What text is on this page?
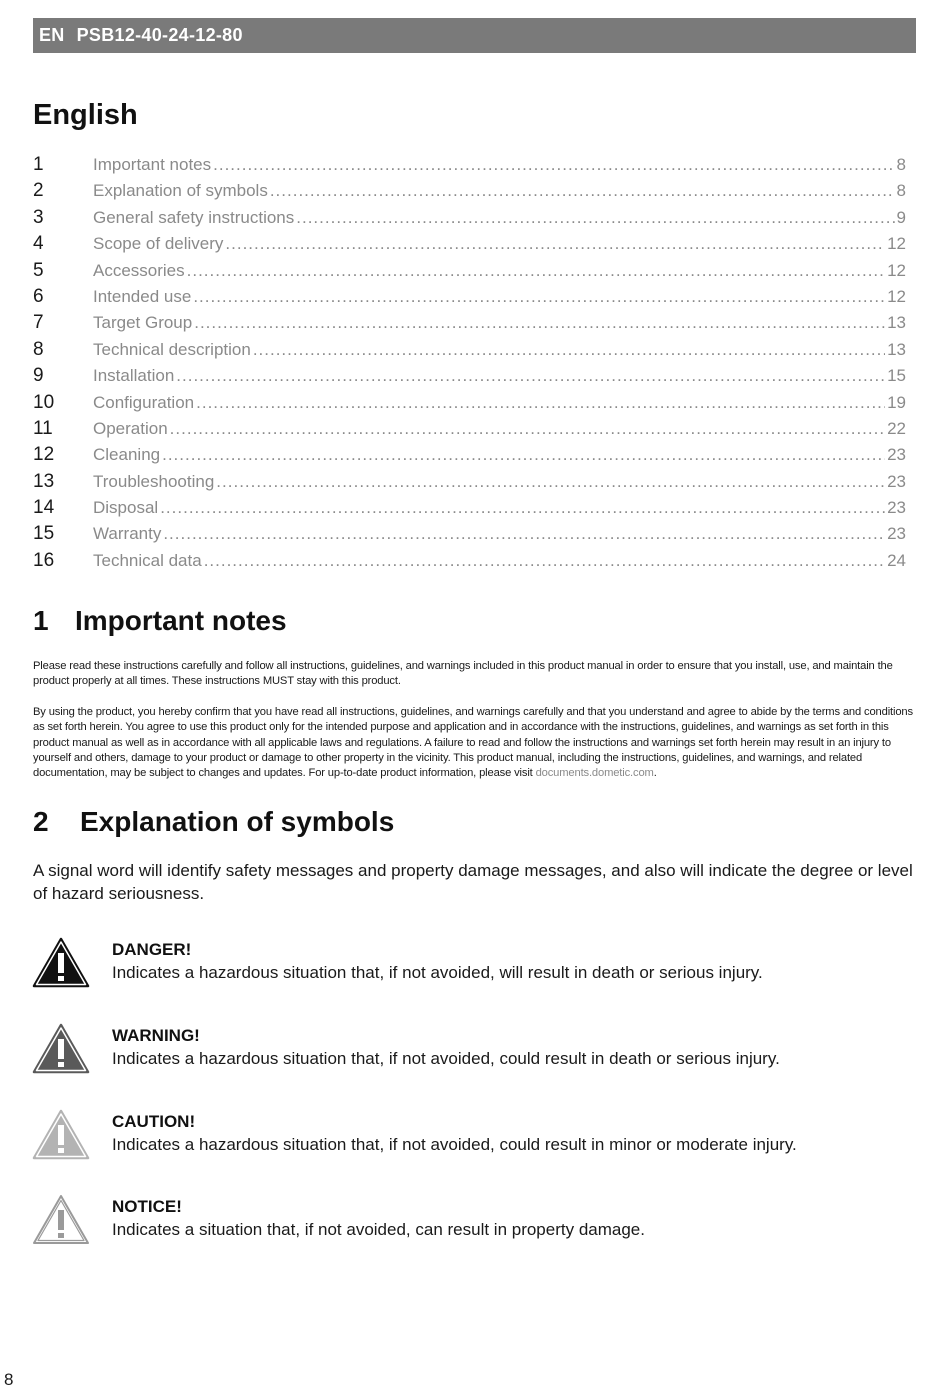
EN PSB12-40-24-12-80
English
1	Important notes .....	8
2	Explanation of symbols .....	8
3	General safety instructions .....	9
4	Scope of delivery .....	12
5	Accessories .....	12
6	Intended use .....	12
7	Target Group .....	13
8	Technical description .....	13
9	Installation .....	15
10	Configuration .....	19
11	Operation .....	22
12	Cleaning .....	23
13	Troubleshooting .....	23
14	Disposal .....	23
15	Warranty .....	23
16	Technical data .....	24
1 Important notes

Please read these instructions carefully and follow all instructions, guidelines, and warnings included in this product manual in order to ensure that you install, use, and maintain the product properly at all times. These instructions MUST stay with this product.

By using the product, you hereby confirm that you have read all instructions, guidelines, and warnings carefully and that you understand and agree to abide by the terms and conditions as set forth herein. You agree to use this product only for the intended purpose and application and in accordance with the instructions, guidelines, and warnings as set forth in this product manual as well as in accordance with all applicable laws and regulations. A failure to read and follow the instructions and warnings set forth herein may result in an injury to yourself and others, damage to your product or damage to other property in the vicinity. This product manual, including the instructions, guidelines, and warnings, and related documentation, may be subject to changes and updates. For up-to-date product information, please visit documents.dometic.com.

2	Explanation of symbols

A signal word will identify safety messages and property damage messages, and also will indicate the degree or level of hazard seriousness.

DANGER!
Indicates a hazardous situation that, if not avoided, will result in death or serious injury.
WARNING!
Indicates a hazardous situation that, if not avoided, could result in death or serious injury.
CAUTION!
Indicates a hazardous situation that, if not avoided, could result in minor or moderate injury.
NOTICE!
Indicates a situation that, if not avoided, can result in property damage.
8
